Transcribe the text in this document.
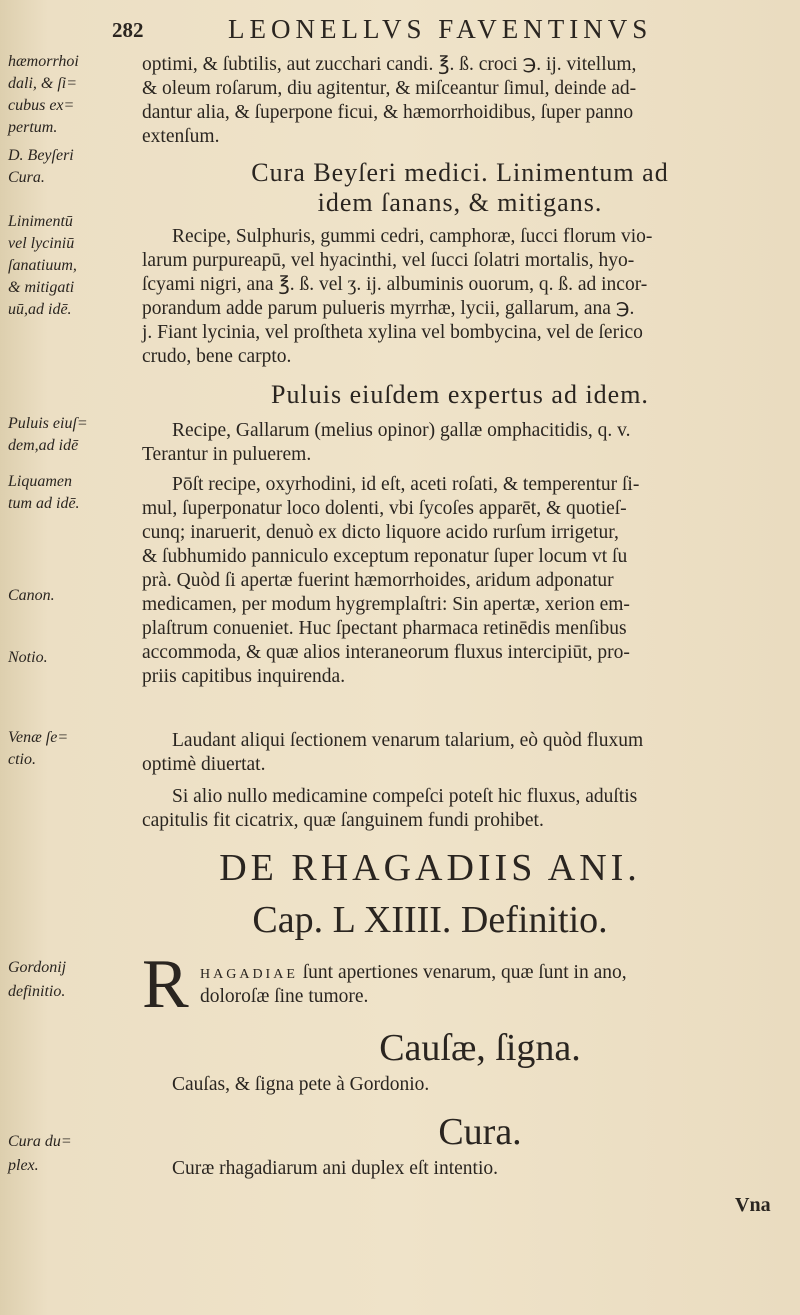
282	LEONELLVS FAVENTINVS
hæmorrhoi
dali, & ſi=
cubus ex=
pertum.
D. Beyſeri
Cura.
Linimentū
vel lyciniū
ſanatiuum,
& mitigati
uū,ad idē.
Puluis eiuſ=
dem,ad idē
Liquamen
tum ad idē.
Canon.
Notio.
Venæ ſe=
ctio.
Gordonij
definitio.
Cura du=
plex.
optimi, & ſubtilis, aut zucchari candi. ℥. ß. croci ℈. ij. vitellum,
& oleum roſarum, diu agitentur, & miſceantur ſimul, deinde ad-
dantur alia, & ſuperpone ficui, & hæmorrhoidibus, ſuper panno
extenſum.
Cura Beyſeri medici. Linimentum ad
idem ſanans, & mitigans.
Recipe, Sulphuris, gummi cedri, camphoræ, ſucci florum vio-
larum purpureарū, vel hyacinthi, vel ſucci ſolatri mortalis, hyo-
ſcyami nigri, ana ℥. ß. vel ʒ. ij. albuminis ouorum, q. ß. ad incor-
porandum adde parum pulueris myrrhæ, lycii, gallarum, ana ℈.
j. Fiant lycinia, vel proſtheta xylina vel bombycina, vel de ſerico
crudo, bene carpto.
Puluis eiuſdem expertus ad idem.
Recipe, Gallarum (melius opinor) gallæ omphacitidis, q. v.
Terantur in puluerem.
Pōſt recipe, oxyrhodini, id eſt, aceti roſati, & temperentur ſi-
mul, ſuperponatur loco dolenti, vbi ſycoſes apparēt, & quotieſ-
cunq; inaruerit, denuò ex dicto liquore acido rurſum irrigetur,
& ſubhumido panniculo exceptum reponatur ſuper locum vt ſu
prà. Quòd ſi apertæ fuerint hæmorrhoides, aridum adponatur
medicamen, per modum hygremplaſtri: Sin apertæ, xerion em-
plaſtrum conueniet. Huc ſpectant pharmaca retinēdis menſibus
accommoda, & quæ alios interaneorum fluxus intercipiūt, pro-
priis capitibus inquirenda.
Laudant aliqui ſectionem venarum talarium, eò quòd fluxum
optimè diuertat.
Si alio nullo medicamine compeſci poteſt hic fluxus, aduſtis
capitulis fit cicatrix, quæ ſanguinem fundi prohibet.
DE RHAGADIIS ANI.
Cap. L XIIII. Definitio.
R HAGADIAE ſunt apertiones venarum, quæ ſunt in ano,
doloroſæ ſine tumore.
Cauſæ, ſigna.
Cauſas, & ſigna pete à Gordonio.
Cura.
Curæ rhagadiarum ani duplex eſt intentio.
Vna
